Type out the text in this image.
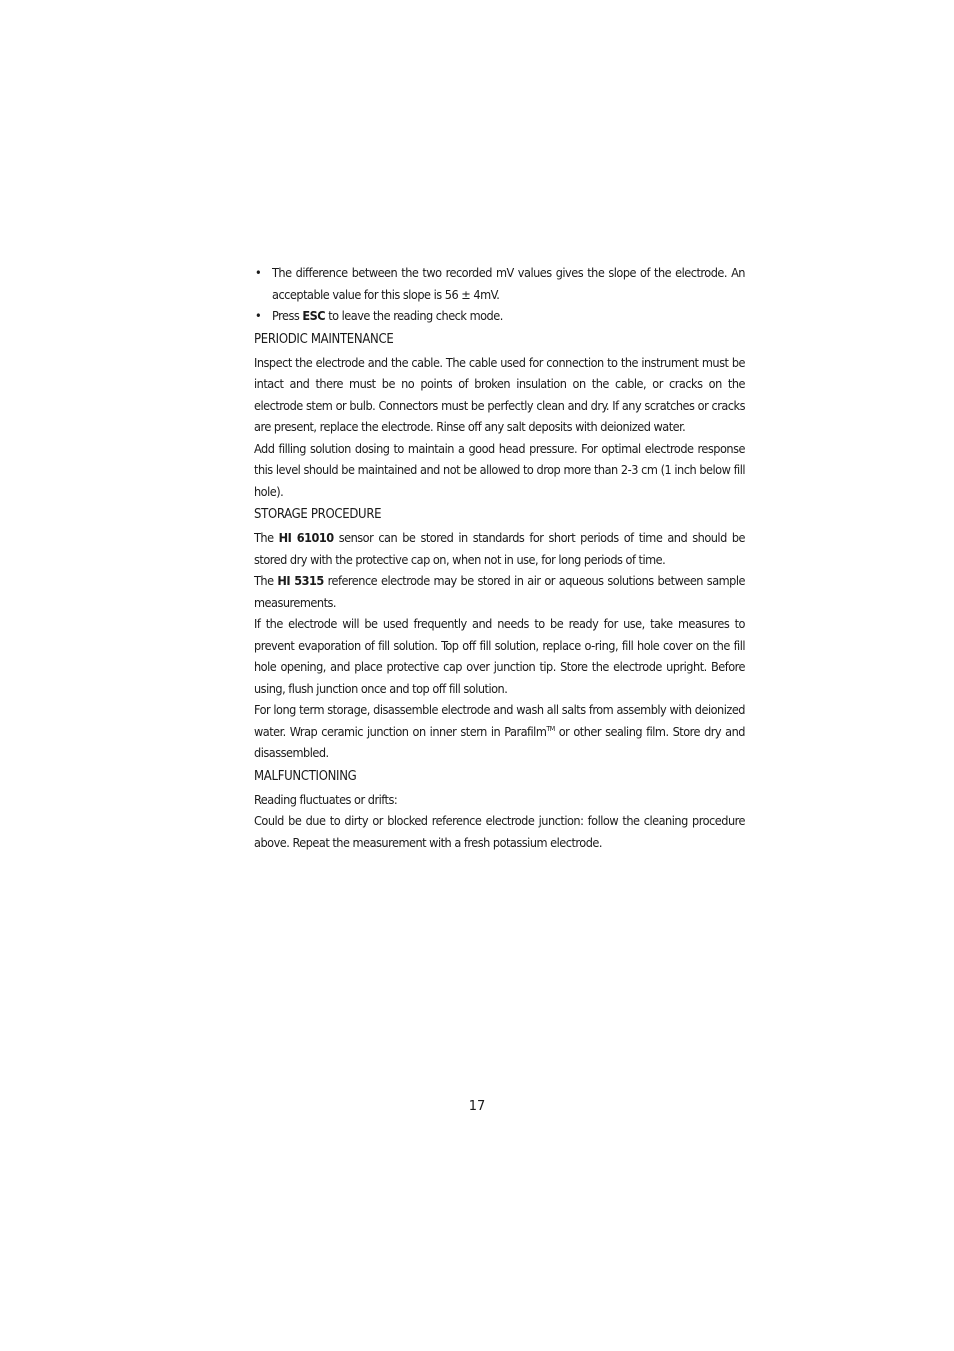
• The difference between the two recorded mV values gives the slope of the electrode. An acceptable value for this slope is 56 ± 4mV.
• Press ESC to leave the reading check mode.
PERIODIC MAINTENANCE

Inspect the electrode and the cable. The cable used for connection to the instrument must be intact and there must be no points of broken insulation on the cable, or cracks on the electrode stem or bulb. Connectors must be perfectly clean and dry. If any scratches or cracks are present, replace the electrode. Rinse off any salt deposits with deionized water.

Add filling solution dosing to maintain a good head pressure. For optimal electrode response this level should be maintained and not be allowed to drop more than 2-3 cm (1 inch below fill hole).

STORAGE PROCEDURE

The HI 61010 sensor can be stored in standards for short periods of time and should be stored dry with the protective cap on, when not in use, for long periods of time.

The HI 5315 reference electrode may be stored in air or aqueous solutions between sample measurements.

If the electrode will be used frequently and needs to be ready for use, take measures to prevent evaporation of fill solution. Top off fill solution, replace o-ring, fill hole cover on the fill hole opening, and place protective cap over junction tip. Store the electrode upright. Before using, flush junction once and top off fill solution.

For long term storage, disassemble electrode and wash all salts from assembly with deionized water. Wrap ceramic junction on inner stern in Parafilm™ or other sealing film. Store dry and disassembled.

MALFUNCTIONING

Reading fluctuates or drifts:

Could be due to dirty or blocked reference electrode junction: follow the cleaning procedure above. Repeat the measurement with a fresh potassium electrode.

17
